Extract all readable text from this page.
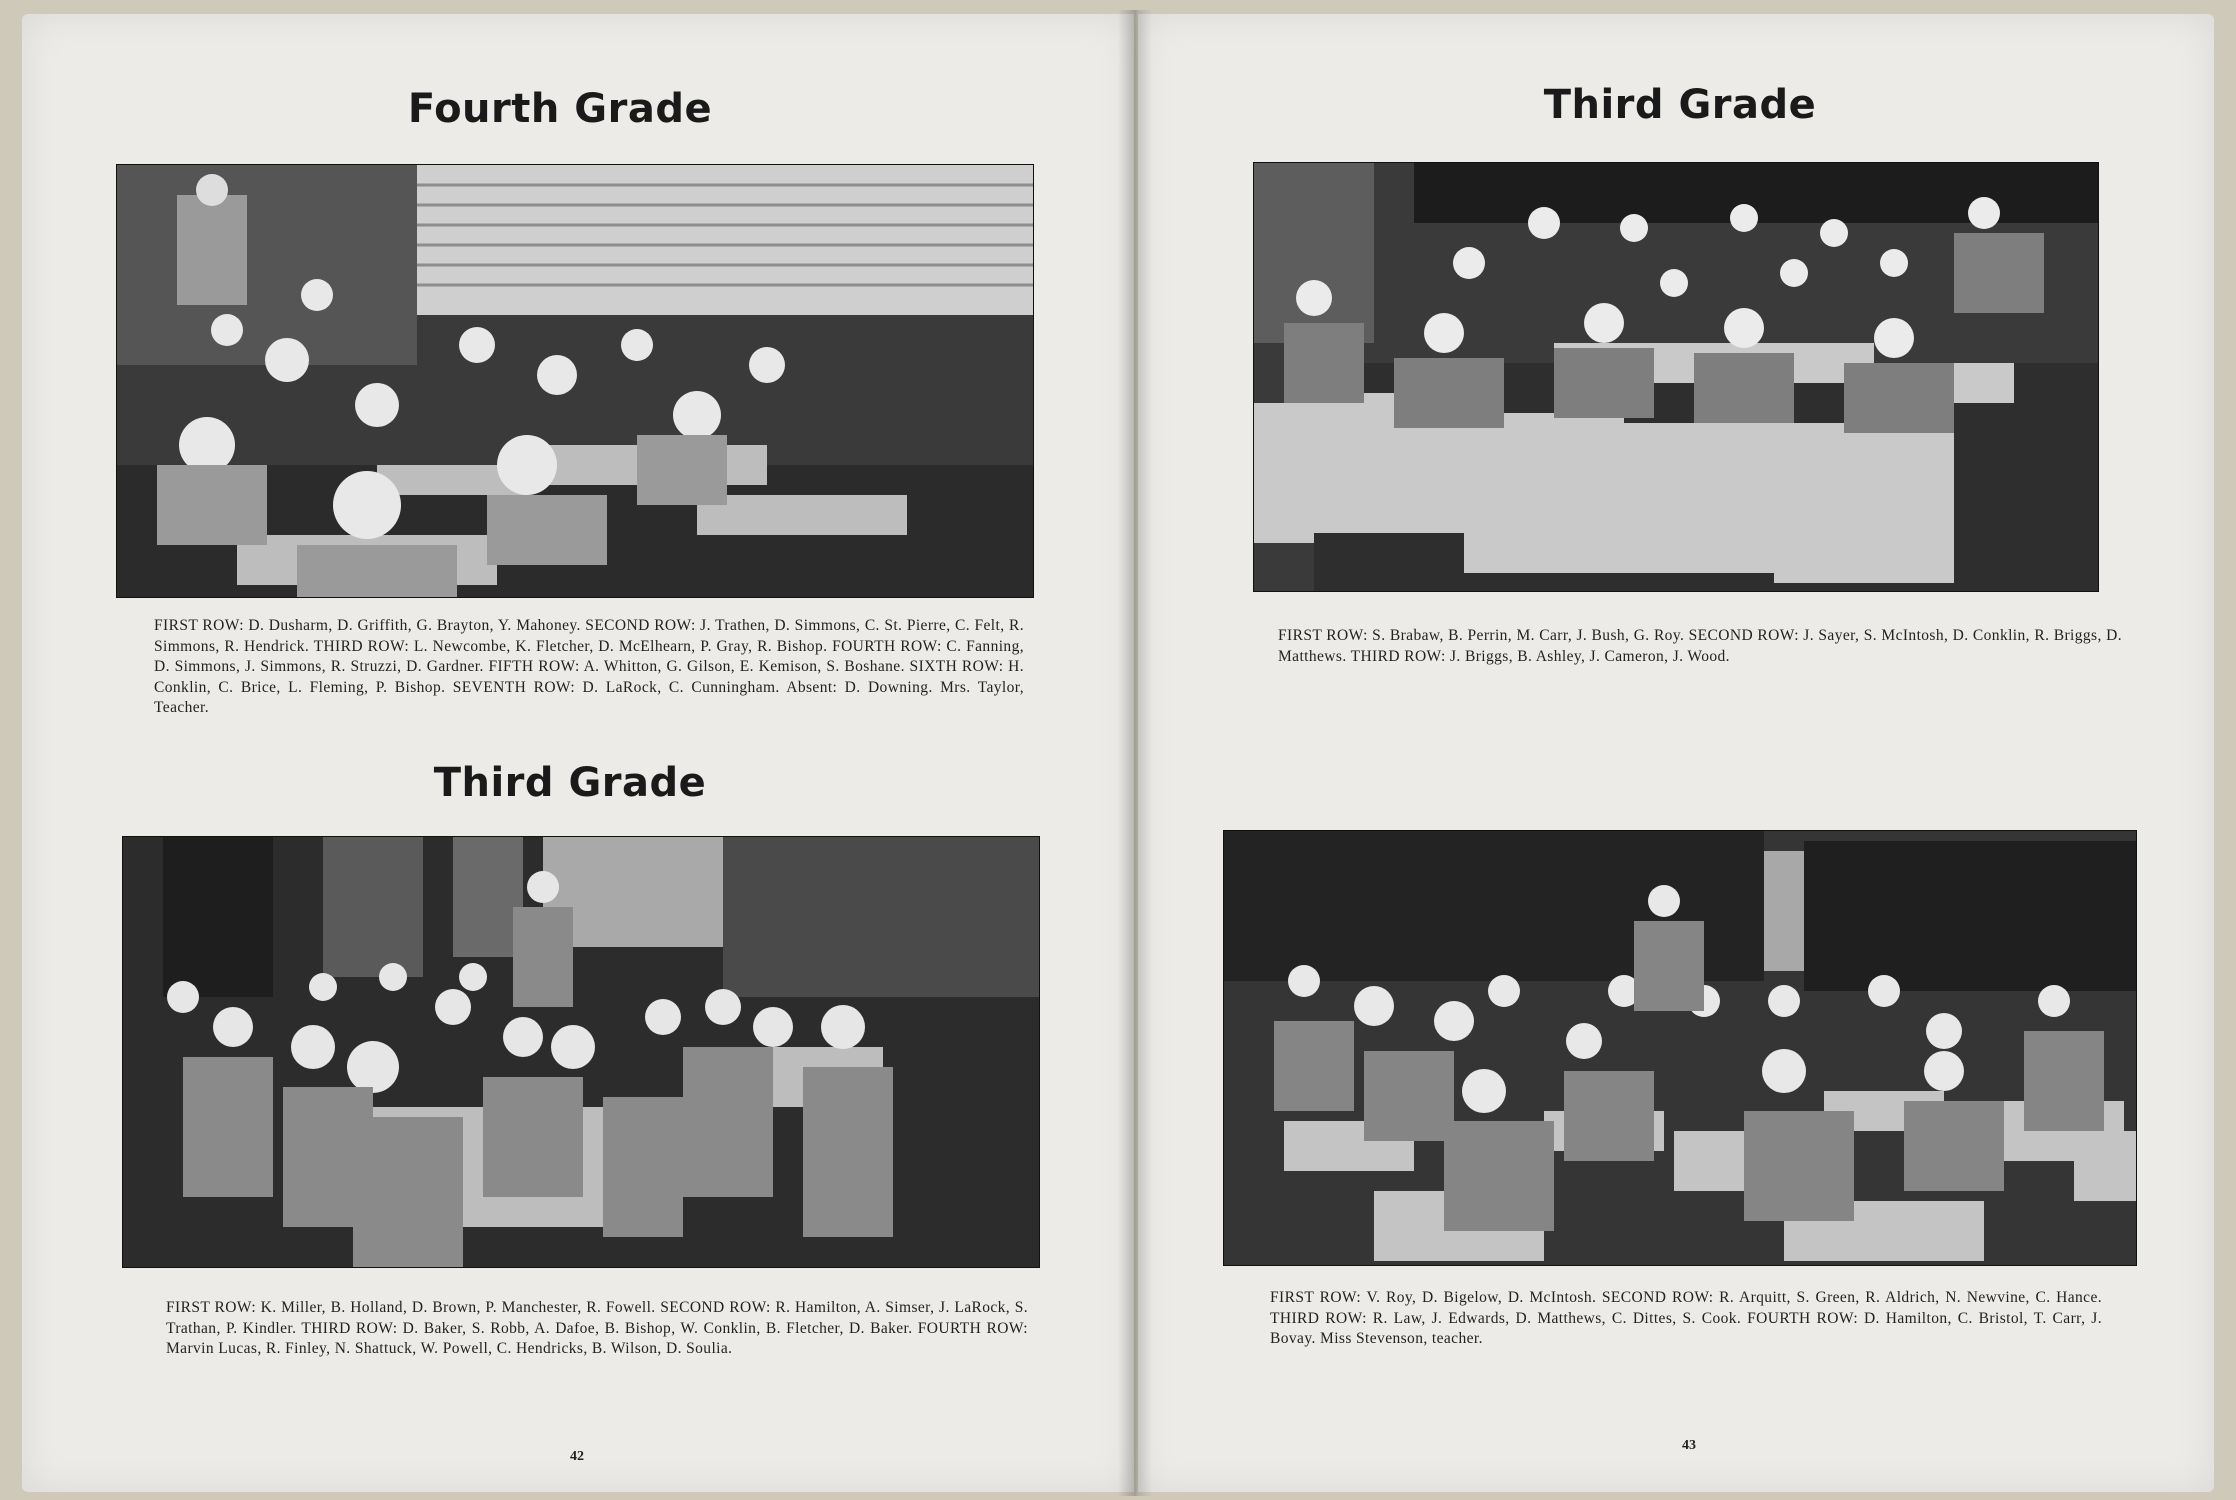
Fourth Grade
FIRST ROW: D. Dusharm, D. Griffith, G. Brayton, Y. Mahoney. SECOND ROW: J. Trathen, D. Simmons, C. St. Pierre, C. Felt, R. Simmons, R. Hendrick. THIRD ROW: L. Newcombe, K. Fletcher, D. McElhearn, P. Gray, R. Bishop. FOURTH ROW: C. Fanning, D. Simmons, J. Simmons, R. Struzzi, D. Gardner. FIFTH ROW: A. Whitton, G. Gilson, E. Kemison, S. Boshane. SIXTH ROW: H. Conklin, C. Brice, L. Fleming, P. Bishop. SEVENTH ROW: D. LaRock, C. Cunningham. Absent: D. Downing. Mrs. Taylor, Teacher.
Third Grade
FIRST ROW: K. Miller, B. Holland, D. Brown, P. Manchester, R. Fowell. SECOND ROW: R. Hamilton, A. Simser, J. LaRock, S. Trathan, P. Kindler. THIRD ROW: D. Baker, S. Robb, A. Dafoe, B. Bishop, W. Conklin, B. Fletcher, D. Baker. FOURTH ROW: Marvin Lucas, R. Finley, N. Shattuck, W. Powell, C. Hendricks, B. Wilson, D. Soulia.
42
Third Grade
FIRST ROW: S. Brabaw, B. Perrin, M. Carr, J. Bush, G. Roy. SECOND ROW: J. Sayer, S. McIntosh, D. Conklin, R. Briggs, D. Matthews. THIRD ROW: J. Briggs, B. Ashley, J. Cameron, J. Wood.
FIRST ROW: V. Roy, D. Bigelow, D. McIntosh. SECOND ROW: R. Arquitt, S. Green, R. Aldrich, N. Newvine, C. Hance. THIRD ROW: R. Law, J. Edwards, D. Matthews, C. Dittes, S. Cook. FOURTH ROW: D. Hamilton, C. Bristol, T. Carr, J. Bovay. Miss Stevenson, teacher.
43
